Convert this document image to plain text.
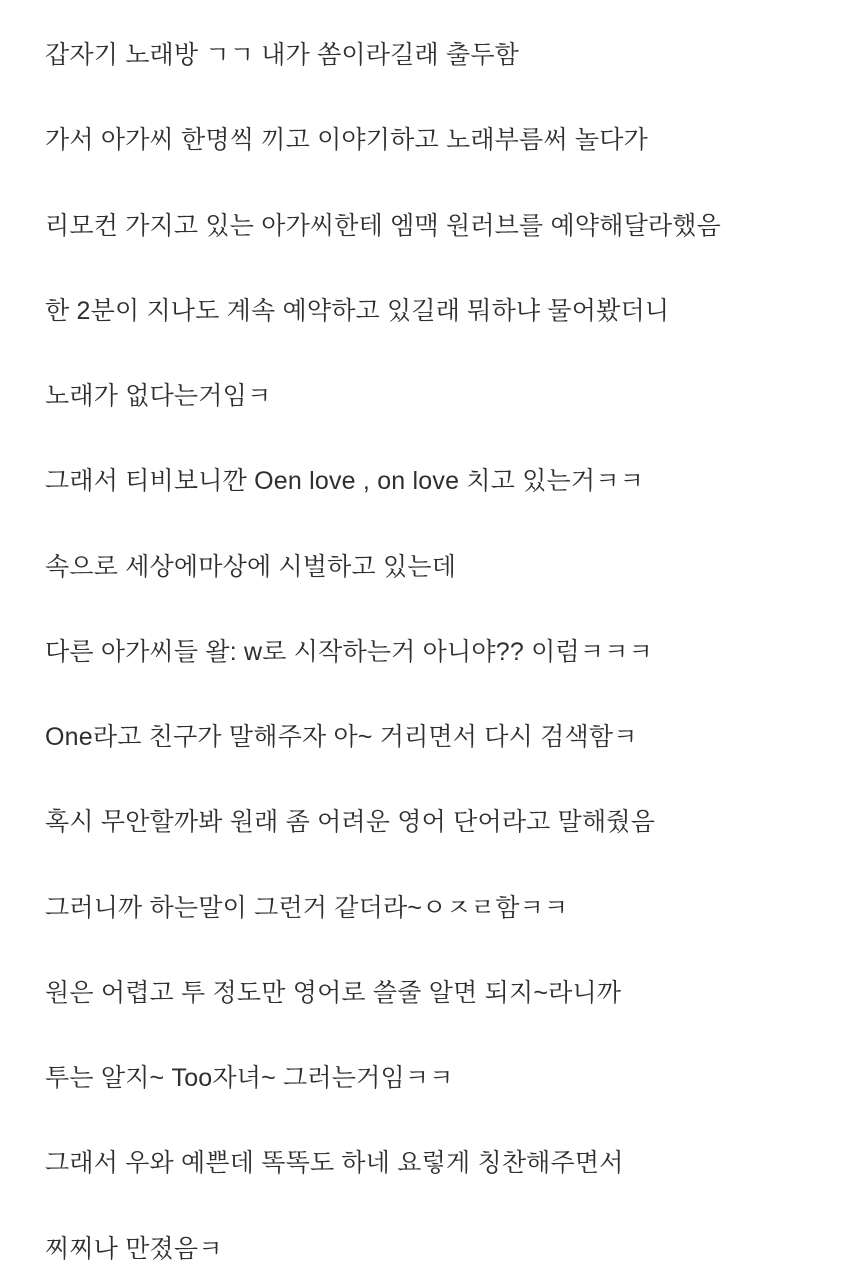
갑자기 노래방 ㄱㄱ 내가 쏨이라길래 출두함

가서 아가씨 한명씩 끼고 이야기하고 노래부름써 놀다가

리모컨 가지고 있는 아가씨한테 엠맥 원러브를 예약해달라했음

한 2분이 지나도 계속 예약하고 있길래 뭐하냐 물어봤더니

노래가 없다는거임ㅋ

그래서 티비보니깐 Oen love , on love 치고 있는거ㅋㅋ

속으로 세상에마상에 시벌하고 있는데

다른 아가씨들 왈: w로 시작하는거 아니야?? 이럼ㅋㅋㅋ

One라고 친구가 말해주자 아~ 거리면서 다시 검색함ㅋ

혹시 무안할까봐 원래 좀 어려운 영어 단어라고 말해줬음

그러니까 하는말이 그런거 같더라~ㅇㅈㄹ함ㅋㅋ

원은 어렵고 투 정도만 영어로 쓸줄 알면 되지~라니까

투는 알지~ Too자녀~ 그러는거임ㅋㅋ

그래서 우와 예쁜데 똑똑도 하네 요렇게 칭찬해주면서

찌찌나 만졌음ㅋ
